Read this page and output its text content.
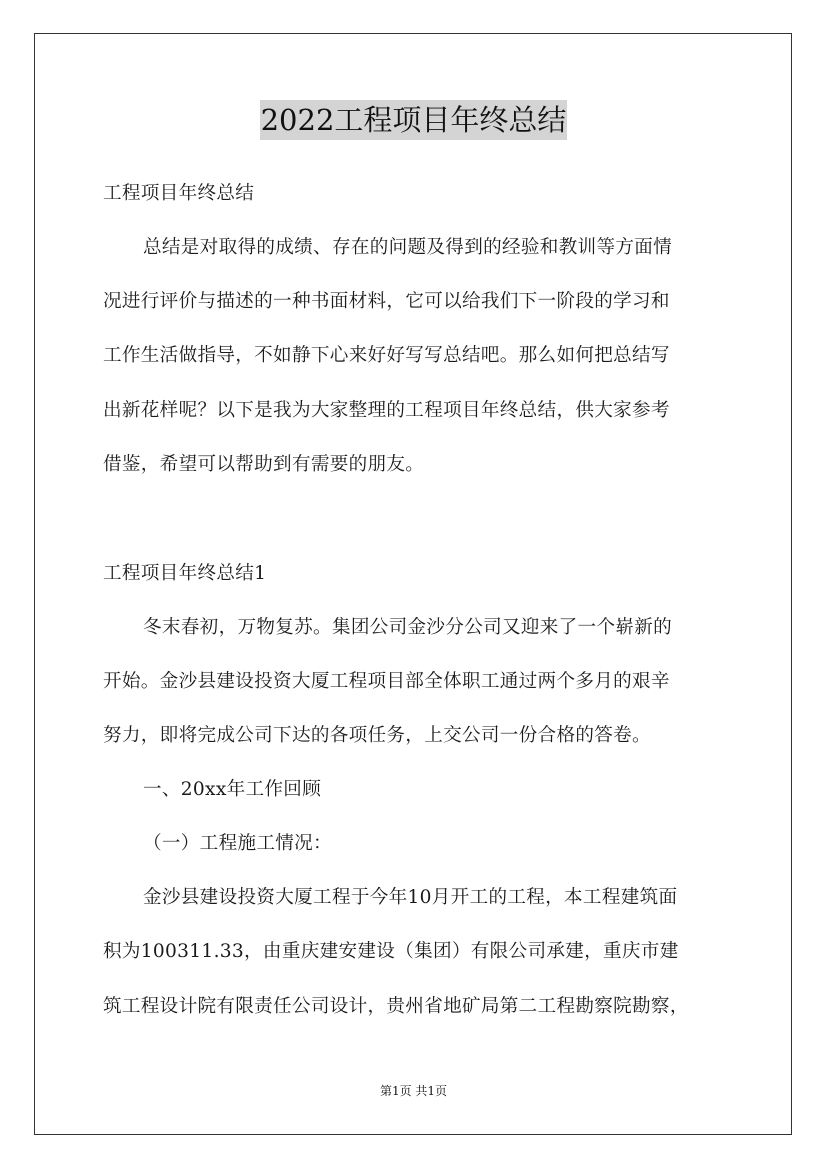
2022工程项目年终总结
工程项目年终总结
总结是对取得的成绩、存在的问题及得到的经验和教训等方面情
况进行评价与描述的一种书面材料，它可以给我们下一阶段的学习和
工作生活做指导，不如静下心来好好写写总结吧。那么如何把总结写
出新花样呢？以下是我为大家整理的工程项目年终总结，供大家参考
借鉴，希望可以帮助到有需要的朋友。
工程项目年终总结1
冬末春初，万物复苏。集团公司金沙分公司又迎来了一个崭新的
开始。金沙县建设投资大厦工程项目部全体职工通过两个多月的艰辛
努力，即将完成公司下达的各项任务，上交公司一份合格的答卷。
一、20xx年工作回顾
（一）工程施工情况：
金沙县建设投资大厦工程于今年10月开工的工程，本工程建筑面
积为100311.33，由重庆建安建设（集团）有限公司承建，重庆市建
筑工程设计院有限责任公司设计，贵州省地矿局第二工程勘察院勘察，
第1页 共1页
